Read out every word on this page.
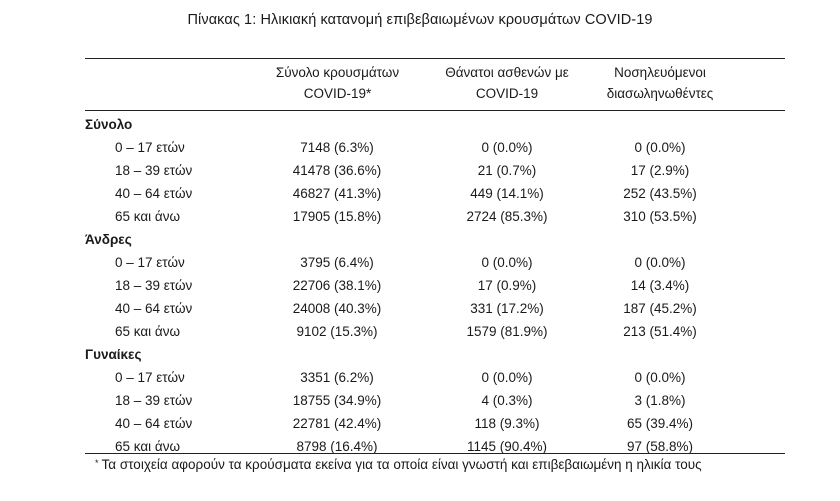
Πίνακας 1: Ηλικιακή κατανομή επιβεβαιωμένων κρουσμάτων COVID-19
Σύνολο κρουσμάτων
COVID-19*
Θάνατοι ασθενών με
COVID-19
Νοσηλευόμενοι
διασωληνωθέντες
Σύνολο
0 – 17 ετών	7148 (6.3%)	0 (0.0%)	0 (0.0%)
18 – 39 ετών	41478 (36.6%)	21 (0.7%)	17 (2.9%)
40 – 64 ετών	46827 (41.3%)	449 (14.1%)	252 (43.5%)
65 και άνω	17905 (15.8%)	2724 (85.3%)	310 (53.5%)
Άνδρες
0 – 17 ετών	3795 (6.4%)	0 (0.0%)	0 (0.0%)
18 – 39 ετών	22706 (38.1%)	17 (0.9%)	14 (3.4%)
40 – 64 ετών	24008 (40.3%)	331 (17.2%)	187 (45.2%)
65 και άνω	9102 (15.3%)	1579 (81.9%)	213 (51.4%)
Γυναίκες
0 – 17 ετών	3351 (6.2%)	0 (0.0%)	0 (0.0%)
18 – 39 ετών	18755 (34.9%)	4 (0.3%)	3 (1.8%)
40 – 64 ετών	22781 (42.4%)	118 (9.3%)	65 (39.4%)
65 και άνω	8798 (16.4%)	1145 (90.4%)	97 (58.8%)
* Τα στοιχεία αφορούν τα κρούσματα εκείνα για τα οποία είναι γνωστή και επιβεβαιωμένη η ηλικία τους
